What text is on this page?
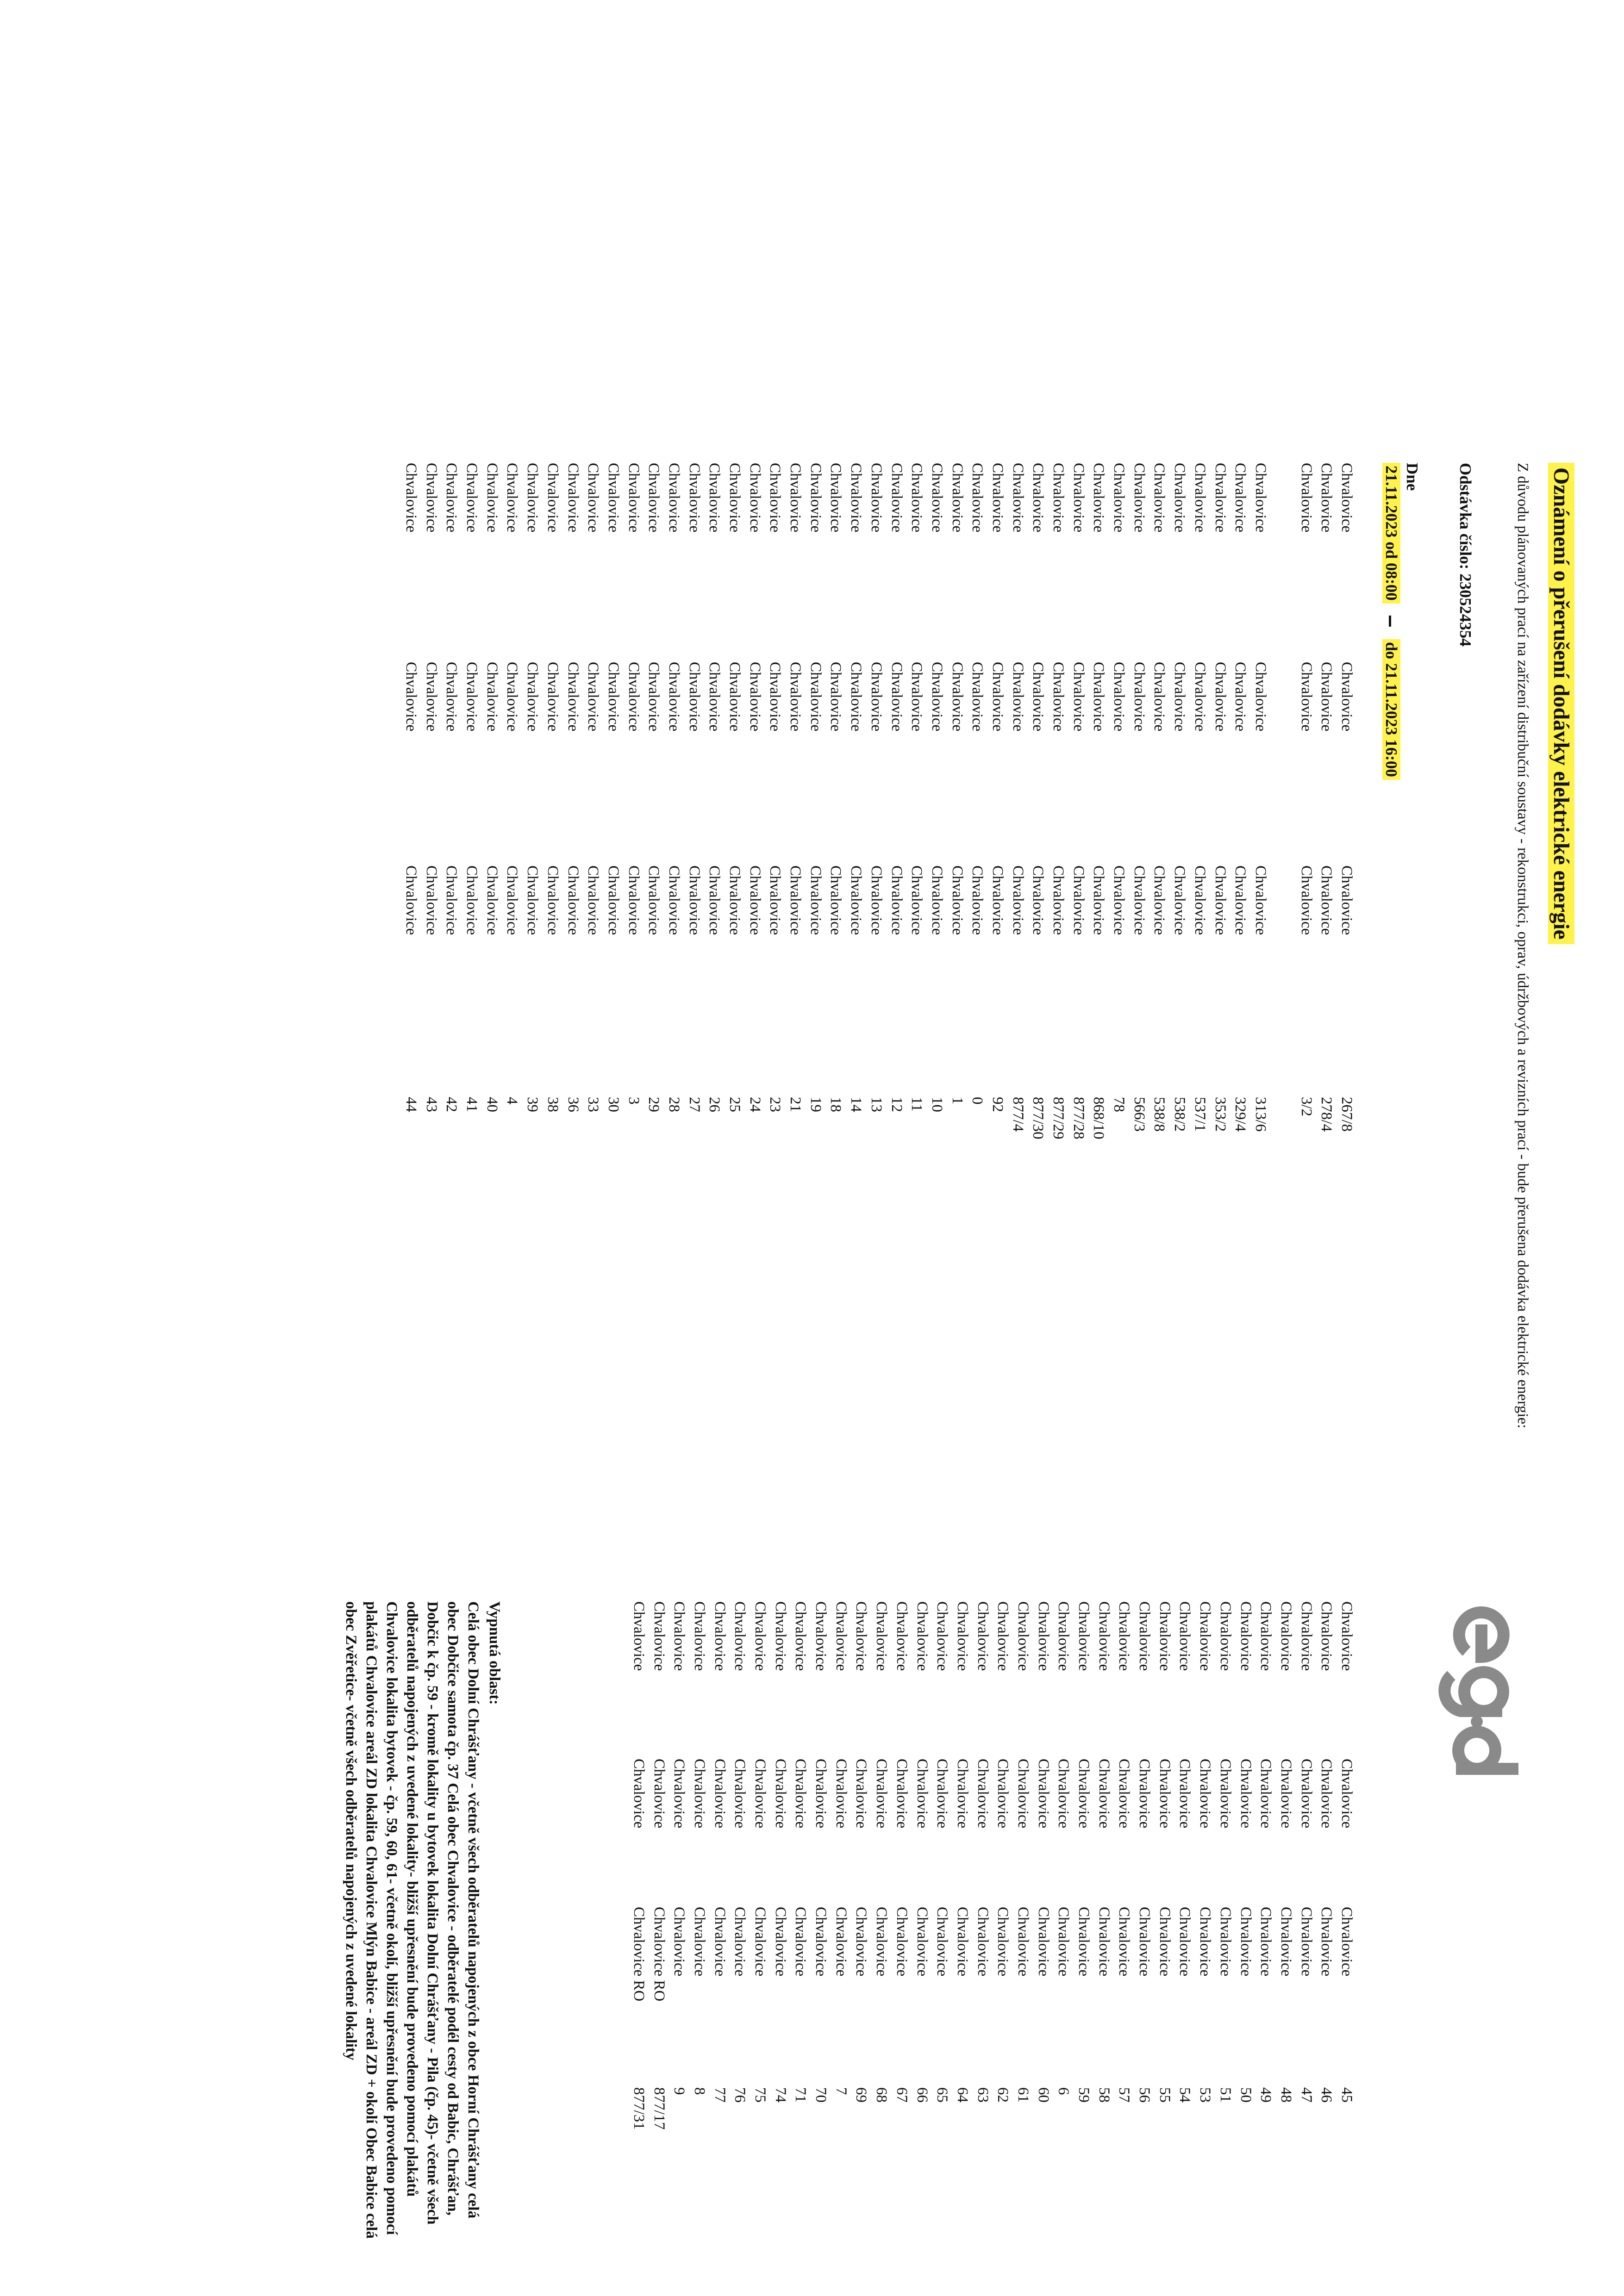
Oznámení o přerušení dodávky elektrické energie
Z důvodu plánovaných prací na zařízení distribuční soustavy - rekonstrukci, oprav, údržbových a revizních prací - bude přerušena dodávka elektrické energie:
Odstávka číslo: 230524354
Dne
21.11.2023 od 08:00  do 21.11.2023 16:00
Chvalovice
Chvalovice
Chvalovice
267/8
Chvalovice
Chvalovice
Chvalovice
278/4
Chvalovice
Chvalovice
Chvalovice
3/2
Chvalovice
Chvalovice
Chvalovice
313/6
Chvalovice
Chvalovice
Chvalovice
329/4
Chvalovice
Chvalovice
Chvalovice
353/2
Chvalovice
Chvalovice
Chvalovice
537/1
Chvalovice
Chvalovice
Chvalovice
538/2
Chvalovice
Chvalovice
Chvalovice
538/8
Chvalovice
Chvalovice
Chvalovice
566/3
Chvalovice
Chvalovice
Chvalovice
78
Chvalovice
Chvalovice
Chvalovice
868/10
Chvalovice
Chvalovice
Chvalovice
877/28
Chvalovice
Chvalovice
Chvalovice
877/29
Chvalovice
Chvalovice
Chvalovice
877/30
Chvalovice
Chvalovice
Chvalovice
877/4
Chvalovice
Chvalovice
Chvalovice
92
Chvalovice
Chvalovice
Chvalovice
0
Chvalovice
Chvalovice
Chvalovice
1
Chvalovice
Chvalovice
Chvalovice
10
Chvalovice
Chvalovice
Chvalovice
11
Chvalovice
Chvalovice
Chvalovice
12
Chvalovice
Chvalovice
Chvalovice
13
Chvalovice
Chvalovice
Chvalovice
14
Chvalovice
Chvalovice
Chvalovice
18
Chvalovice
Chvalovice
Chvalovice
19
Chvalovice
Chvalovice
Chvalovice
21
Chvalovice
Chvalovice
Chvalovice
23
Chvalovice
Chvalovice
Chvalovice
24
Chvalovice
Chvalovice
Chvalovice
25
Chvalovice
Chvalovice
Chvalovice
26
Chvalovice
Chvalovice
Chvalovice
27
Chvalovice
Chvalovice
Chvalovice
28
Chvalovice
Chvalovice
Chvalovice
29
Chvalovice
Chvalovice
Chvalovice
3
Chvalovice
Chvalovice
Chvalovice
30
Chvalovice
Chvalovice
Chvalovice
33
Chvalovice
Chvalovice
Chvalovice
36
Chvalovice
Chvalovice
Chvalovice
38
Chvalovice
Chvalovice
Chvalovice
39
Chvalovice
Chvalovice
Chvalovice
4
Chvalovice
Chvalovice
Chvalovice
40
Chvalovice
Chvalovice
Chvalovice
41
Chvalovice
Chvalovice
Chvalovice
42
Chvalovice
Chvalovice
Chvalovice
43
Chvalovice
Chvalovice
Chvalovice
44
Chvalovice
Chvalovice
Chvalovice
45
Chvalovice
Chvalovice
Chvalovice
46
Chvalovice
Chvalovice
Chvalovice
47
Chvalovice
Chvalovice
Chvalovice
48
Chvalovice
Chvalovice
Chvalovice
49
Chvalovice
Chvalovice
Chvalovice
50
Chvalovice
Chvalovice
Chvalovice
51
Chvalovice
Chvalovice
Chvalovice
53
Chvalovice
Chvalovice
Chvalovice
54
Chvalovice
Chvalovice
Chvalovice
55
Chvalovice
Chvalovice
Chvalovice
56
Chvalovice
Chvalovice
Chvalovice
57
Chvalovice
Chvalovice
Chvalovice
58
Chvalovice
Chvalovice
Chvalovice
59
Chvalovice
Chvalovice
Chvalovice
6
Chvalovice
Chvalovice
Chvalovice
60
Chvalovice
Chvalovice
Chvalovice
61
Chvalovice
Chvalovice
Chvalovice
62
Chvalovice
Chvalovice
Chvalovice
63
Chvalovice
Chvalovice
Chvalovice
64
Chvalovice
Chvalovice
Chvalovice
65
Chvalovice
Chvalovice
Chvalovice
66
Chvalovice
Chvalovice
Chvalovice
67
Chvalovice
Chvalovice
Chvalovice
68
Chvalovice
Chvalovice
Chvalovice
69
Chvalovice
Chvalovice
Chvalovice
7
Chvalovice
Chvalovice
Chvalovice
70
Chvalovice
Chvalovice
Chvalovice
71
Chvalovice
Chvalovice
Chvalovice
74
Chvalovice
Chvalovice
Chvalovice
75
Chvalovice
Chvalovice
Chvalovice
76
Chvalovice
Chvalovice
Chvalovice
77
Chvalovice
Chvalovice
Chvalovice
8
Chvalovice
Chvalovice
Chvalovice
9
Chvalovice
Chvalovice
Chvalovice RO
877/17
Chvalovice
Chvalovice
Chvalovice RO
877/31
Vypnutá oblast:

Celá obec Dolní Chrášťany - včetně všech odběratelů napojených z obce Horní Chrášťany celá obec Dobčice samota čp. 37 Celá obec Chvalovice - odběratelé podél cesty od Babic, Chrášťan, Dobčic k čp. 59 - kromě lokality u bytovek lokalita Dolní Chrášťany - Pila (čp. 45)- včetně všech odběratelů napojených z uvedené lokality- bližší upřesnění bude provedeno pomocí plakátů Chvalovice lokalita bytovek - čp. 59, 60, 61- včetně okolí, bližší upřesnění bude provedeno pomocí plakátů Chvalovice areál ZD lokalita Chvalovice Mlýn Babice - areál ZD + okolí Obec Babice celá obec Zvěřetice- včetně všech odběratelů napojených z uvedené lokality
